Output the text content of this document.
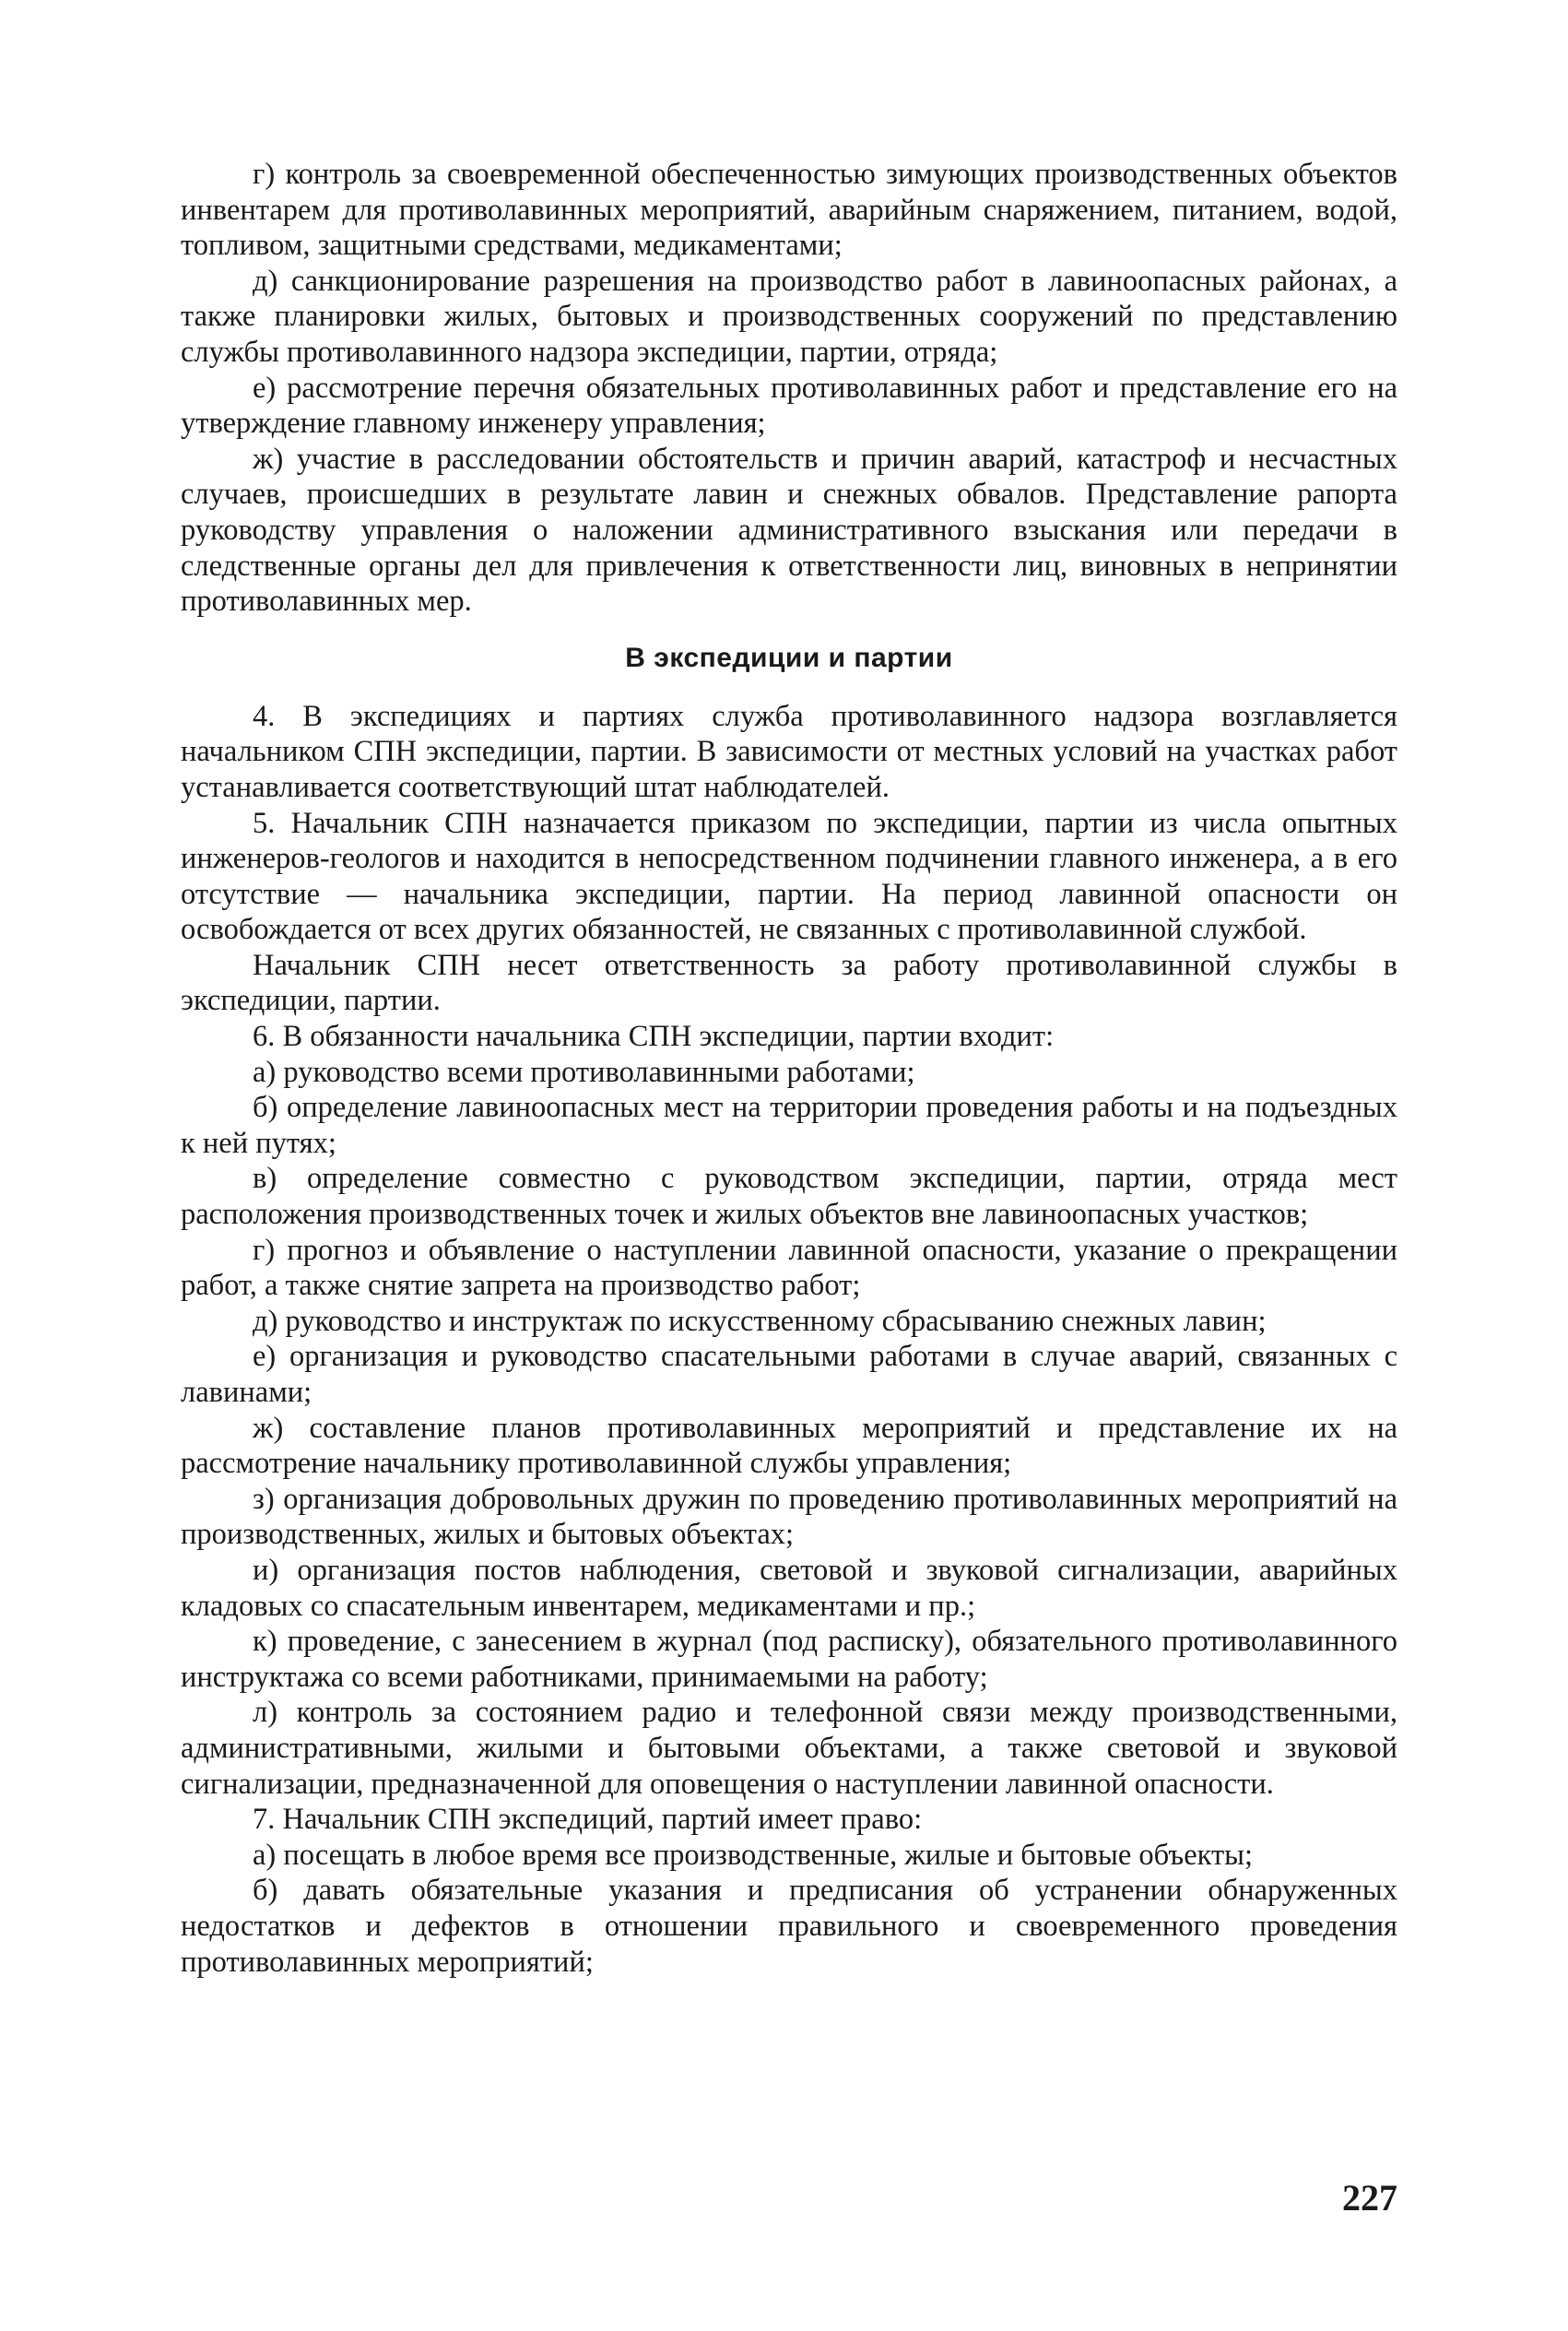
г) контроль за своевременной обеспеченностью зимующих производственных объектов инвентарем для противолавинных мероприятий, аварийным снаряжением, питанием, водой, топливом, защитными средствами, медикаментами;

д) санкционирование разрешения на производство работ в лавиноопасных районах, а также планировки жилых, бытовых и производственных сооружений по представлению службы противолавинного надзора экспедиции, партии, отряда;

е) рассмотрение перечня обязательных противолавинных работ и представление его на утверждение главному инженеру управления;

ж) участие в расследовании обстоятельств и причин аварий, катастроф и несчастных случаев, происшедших в результате лавин и снежных обвалов. Представление рапорта руководству управления о наложении административного взыскания или передачи в следственные органы дел для привлечения к ответственности лиц, виновных в непринятии противолавинных мер.

В экспедиции и партии

4. В экспедициях и партиях служба противолавинного надзора возглавляется начальником СПН экспедиции, партии. В зависимости от местных условий на участках работ устанавливается соответствующий штат наблюдателей.

5. Начальник СПН назначается приказом по экспедиции, партии из числа опытных инженеров-геологов и находится в непосредственном подчинении главного инженера, а в его отсутствие — начальника экспедиции, партии. На период лавинной опасности он освобождается от всех других обязанностей, не связанных с противолавинной службой.

Начальник СПН несет ответственность за работу противолавинной службы в экспедиции, партии.

6. В обязанности начальника СПН экспедиции, партии входит:

а) руководство всеми противолавинными работами;

б) определение лавиноопасных мест на территории проведения работы и на подъездных к ней путях;

в) определение совместно с руководством экспедиции, партии, отряда мест расположения производственных точек и жилых объектов вне лавиноопасных участков;

г) прогноз и объявление о наступлении лавинной опасности, указание о прекращении работ, а также снятие запрета на производство работ;

д) руководство и инструктаж по искусственному сбрасыванию снежных лавин;

е) организация и руководство спасательными работами в случае аварий, связанных с лавинами;

ж) составление планов противолавинных мероприятий и представление их на рассмотрение начальнику противолавинной службы управления;

з) организация добровольных дружин по проведению противолавинных мероприятий на производственных, жилых и бытовых объектах;

и) организация постов наблюдения, световой и звуковой сигнализации, аварийных кладовых со спасательным инвентарем, медикаментами и пр.;

к) проведение, с занесением в журнал (под расписку), обязательного противолавинного инструктажа со всеми работниками, принимаемыми на работу;

л) контроль за состоянием радио и телефонной связи между производственными, административными, жилыми и бытовыми объектами, а также световой и звуковой сигнализации, предназначенной для оповещения о наступлении лавинной опасности.

7. Начальник СПН экспедиций, партий имеет право:

а) посещать в любое время все производственные, жилые и бытовые объекты;

б) давать обязательные указания и предписания об устранении обнаруженных недостатков и дефектов в отношении правильного и своевременного проведения противолавинных мероприятий;

227
